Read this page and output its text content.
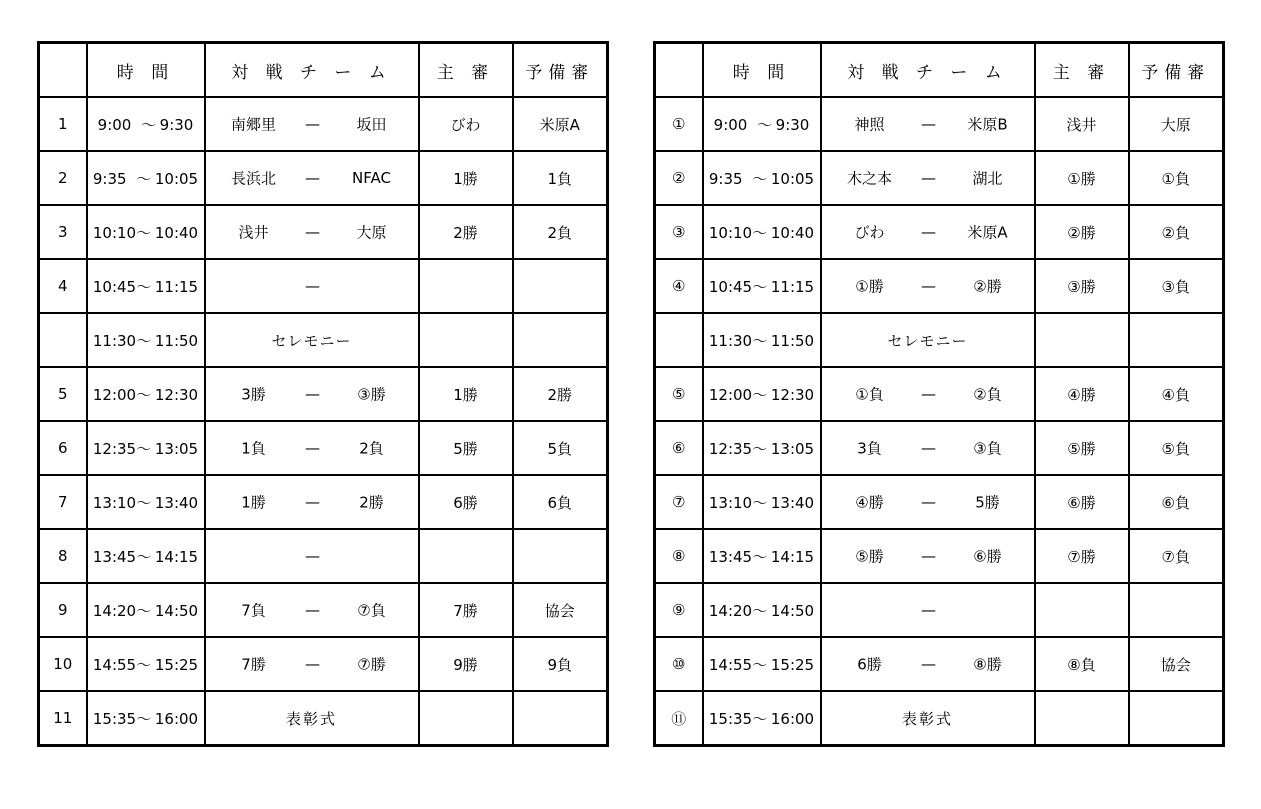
	時 間	対 戦 チ ー ム	主 審	予備審
1	9:00 〜 9:30	南郷里 — 坂田	びわ	米原A
2	9:35 〜 10:05	長浜北 — NFAC	1勝	1負
3	10:10〜 10:40	浅井 — 大原	2勝	2負
4	10:45〜 11:15	—		

	11:30〜 11:50	セレモニー		
5	12:00〜 12:30	3勝 — ③勝	1勝	2勝
6	12:35〜 13:05	1負 — 2負	5勝	5負
7	13:10〜 13:40	1勝 — 2勝	6勝	6負
8	13:45〜 14:15	—		

9	14:20〜 14:50	7負 — ⑦負	7勝	協会
10	14:55〜 15:25	7勝 — ⑦勝	9勝	9負
11	15:35〜 16:00	表彰式		
	時 間	対 戦 チ ー ム	主 審	予備審
①	9:00 〜 9:30	神照 — 米原B	浅井	大原
②	9:35 〜 10:05	木之本 — 湖北	①勝	①負
③	10:10〜 10:40	びわ — 米原A	②勝	②負
④	10:45〜 11:15	①勝 — ②勝	③勝	③負
	11:30〜 11:50	セレモニー		
⑤	12:00〜 12:30	①負 — ②負	④勝	④負
⑥	12:35〜 13:05	3負 — ③負	⑤勝	⑤負
⑦	13:10〜 13:40	④勝 — 5勝	⑥勝	⑥負
⑧	13:45〜 14:15	⑤勝 — ⑥勝	⑦勝	⑦負
⑨	14:20〜 14:50	—		

⑩	14:55〜 15:25	6勝 — ⑧勝	⑧負	協会
⑪	15:35〜 16:00	表彰式		
